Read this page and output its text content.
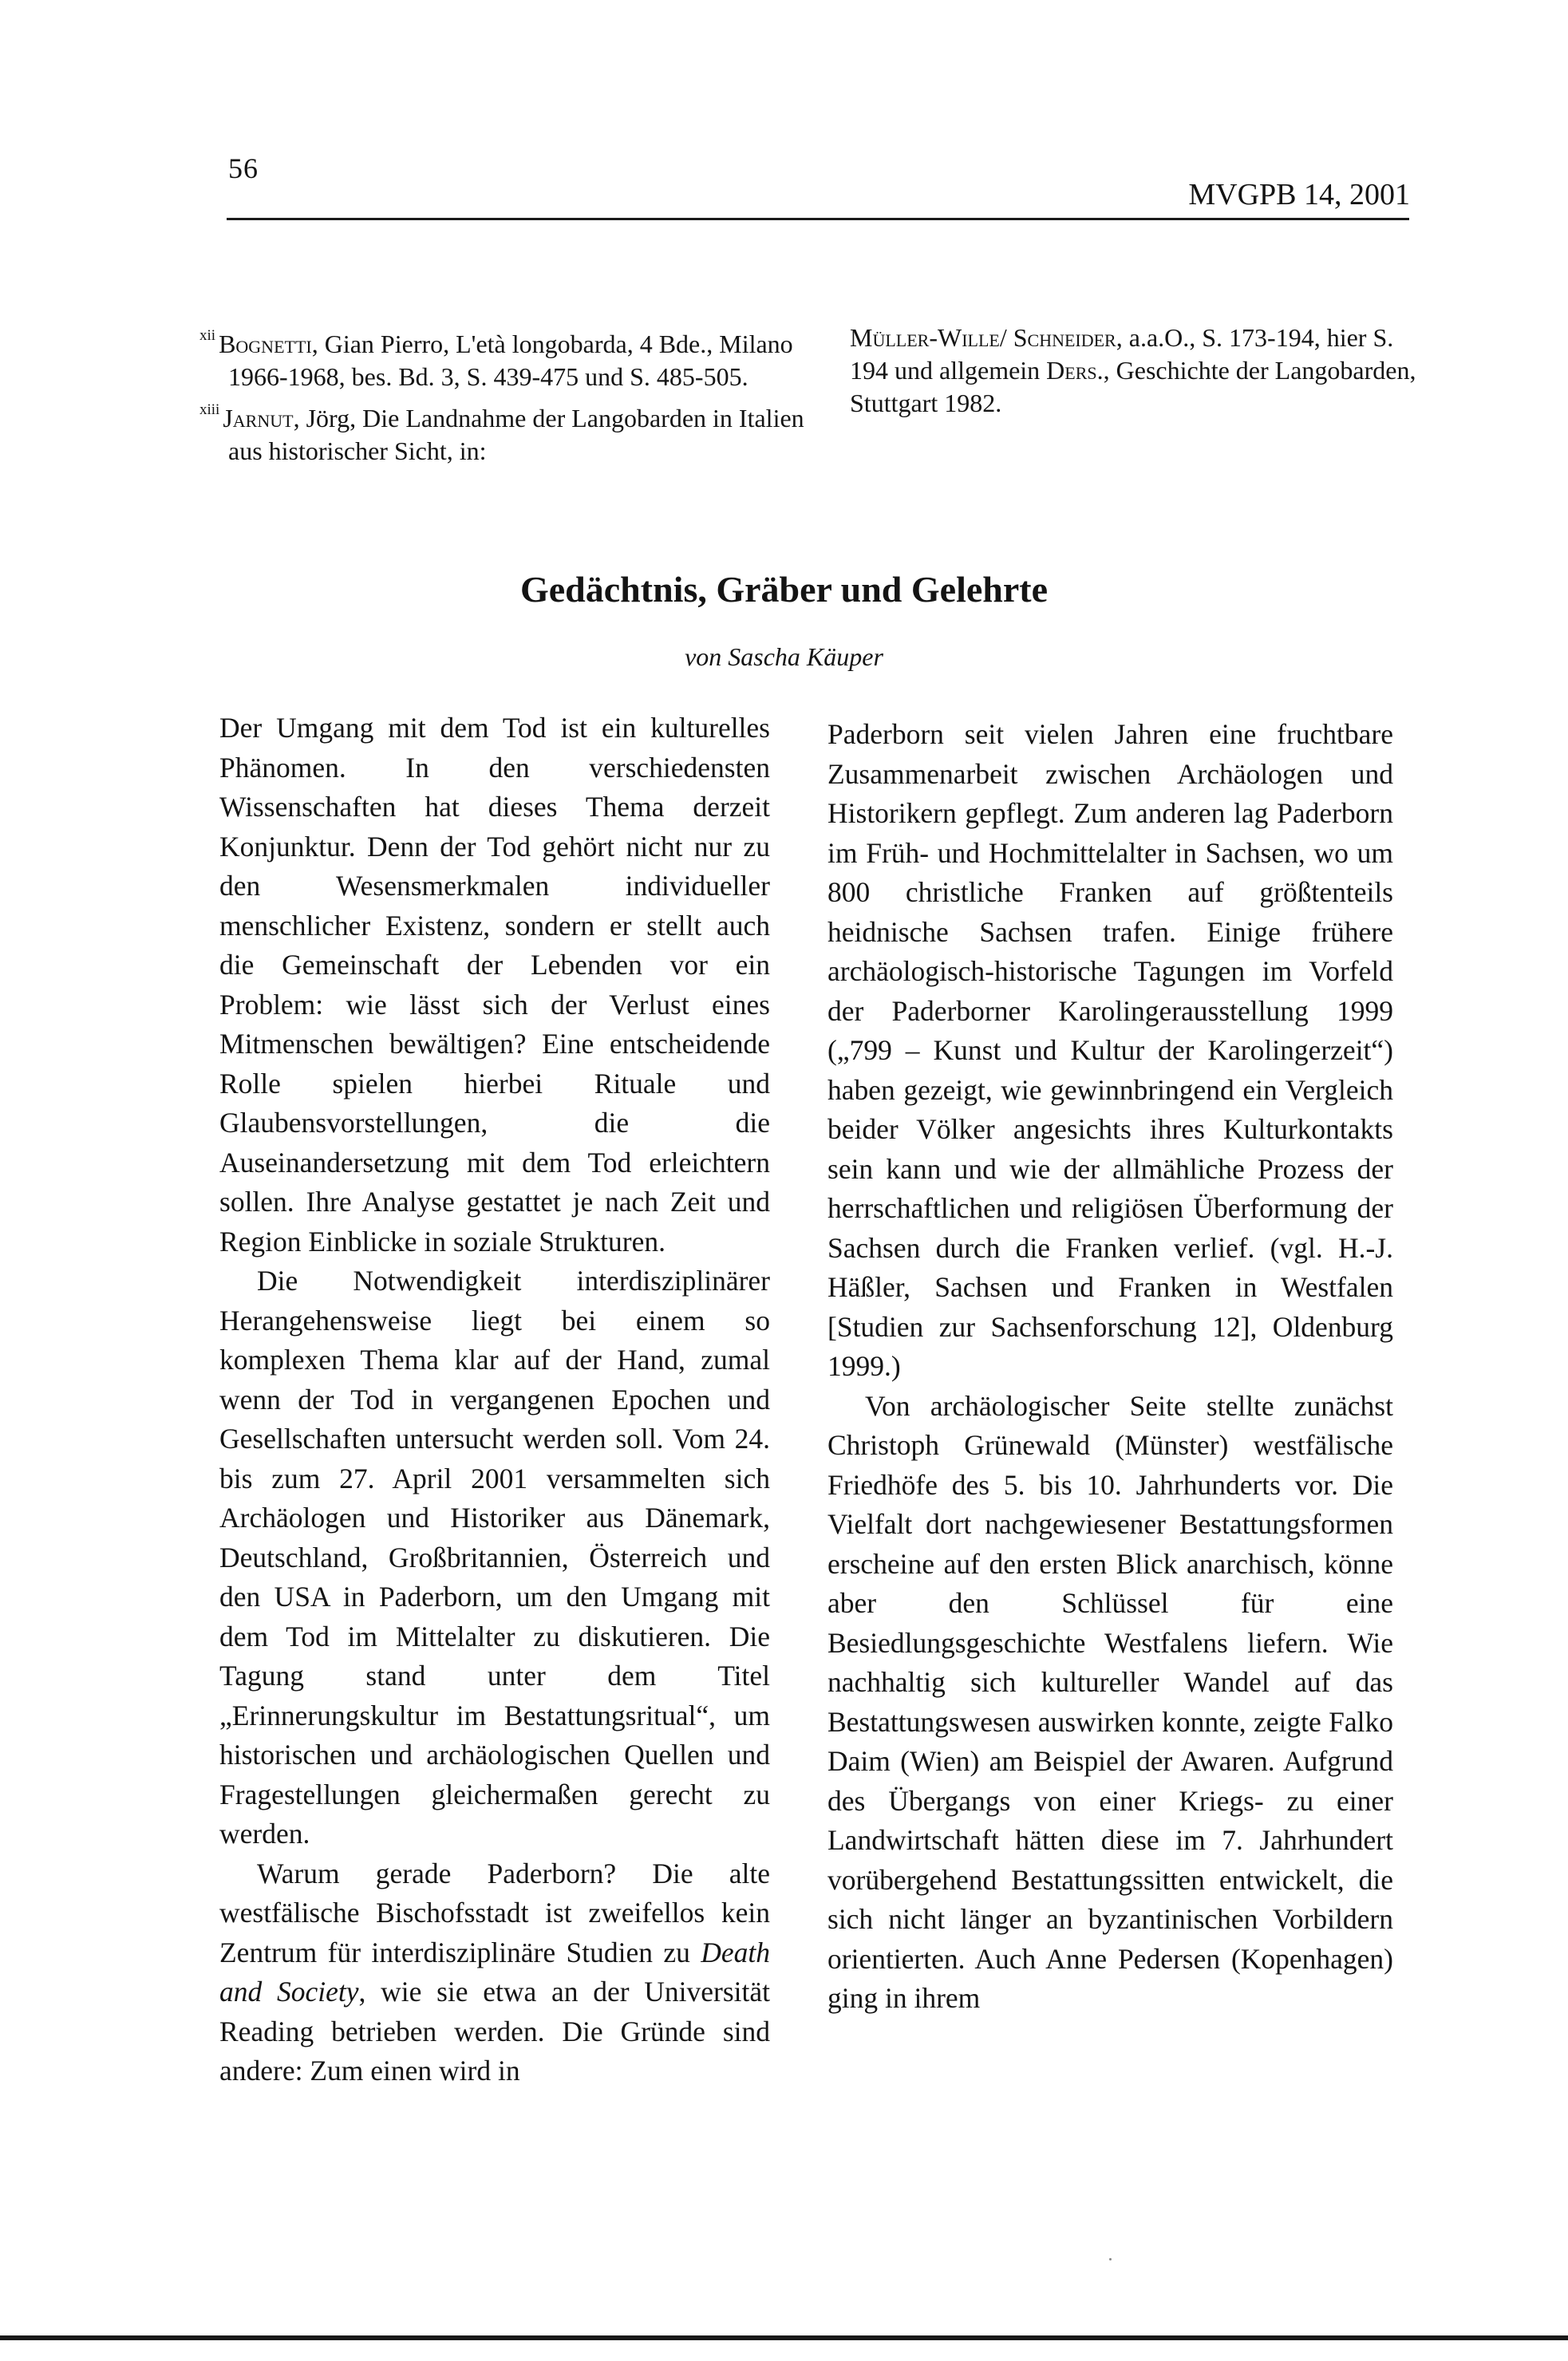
56
MVGPB 14, 2001
$^{xii}$ Bognetti, Gian Pierro, L'età longobarda, 4 Bde., Milano 1966-1968, bes. Bd. 3, S. 439-475 und S. 485-505.
$^{xiii}$ Jarnut, Jörg, Die Landnahme der Langobarden in Italien aus historischer Sicht, in:
Müller-Wille/ Schneider, a.a.O., S. 173-194, hier S. 194 und allgemein Ders., Geschichte der Langobarden, Stuttgart 1982.
Gedächtnis, Gräber und Gelehrte
von Sascha Käuper

Der Umgang mit dem Tod ist ein kulturelles Phänomen. In den verschiedensten Wissenschaften hat dieses Thema derzeit Konjunktur. Denn der Tod gehört nicht nur zu den Wesensmerkmalen individueller menschlicher Existenz, sondern er stellt auch die Gemeinschaft der Lebenden vor ein Problem: wie lässt sich der Verlust eines Mitmenschen bewältigen? Eine entscheidende Rolle spielen hierbei Rituale und Glaubensvorstellungen, die die Auseinandersetzung mit dem Tod erleichtern sollen. Ihre Analyse gestattet je nach Zeit und Region Einblicke in soziale Strukturen.

Die Notwendigkeit interdisziplinärer Herangehensweise liegt bei einem so komplexen Thema klar auf der Hand, zumal wenn der Tod in vergangenen Epochen und Gesellschaften untersucht werden soll. Vom 24. bis zum 27. April 2001 versammelten sich Archäologen und Historiker aus Dänemark, Deutschland, Großbritannien, Österreich und den USA in Paderborn, um den Umgang mit dem Tod im Mittelalter zu diskutieren. Die Tagung stand unter dem Titel „Erinnerungskultur im Bestattungsritual“, um historischen und archäologischen Quellen und Fragestellungen gleichermaßen gerecht zu werden.

Warum gerade Paderborn? Die alte westfälische Bischofsstadt ist zweifellos kein Zentrum für interdisziplinäre Studien zu Death and Society, wie sie etwa an der Universität Reading betrieben werden. Die Gründe sind andere: Zum einen wird in

Paderborn seit vielen Jahren eine fruchtbare Zusammenarbeit zwischen Archäologen und Historikern gepflegt. Zum anderen lag Paderborn im Früh- und Hochmittelalter in Sachsen, wo um 800 christliche Franken auf größtenteils heidnische Sachsen trafen. Einige frühere archäologisch-historische Tagungen im Vorfeld der Paderborner Karolingerausstellung 1999 („799 – Kunst und Kultur der Karolingerzeit“) haben gezeigt, wie gewinnbringend ein Vergleich beider Völker angesichts ihres Kulturkontakts sein kann und wie der allmähliche Prozess der herrschaftlichen und religiösen Überformung der Sachsen durch die Franken verlief. (vgl. H.-J. Häßler, Sachsen und Franken in Westfalen [Studien zur Sachsenforschung 12], Oldenburg 1999.)

Von archäologischer Seite stellte zunächst Christoph Grünewald (Münster) westfälische Friedhöfe des 5. bis 10. Jahrhunderts vor. Die Vielfalt dort nachgewiesener Bestattungsformen erscheine auf den ersten Blick anarchisch, könne aber den Schlüssel für eine Besiedlungsgeschichte Westfalens liefern. Wie nachhaltig sich kultureller Wandel auf das Bestattungswesen auswirken konnte, zeigte Falko Daim (Wien) am Beispiel der Awaren. Aufgrund des Übergangs von einer Kriegs- zu einer Landwirtschaft hätten diese im 7. Jahrhundert vorübergehend Bestattungssitten entwickelt, die sich nicht länger an byzantinischen Vorbildern orientierten. Auch Anne Pedersen (Kopenhagen) ging in ihrem
